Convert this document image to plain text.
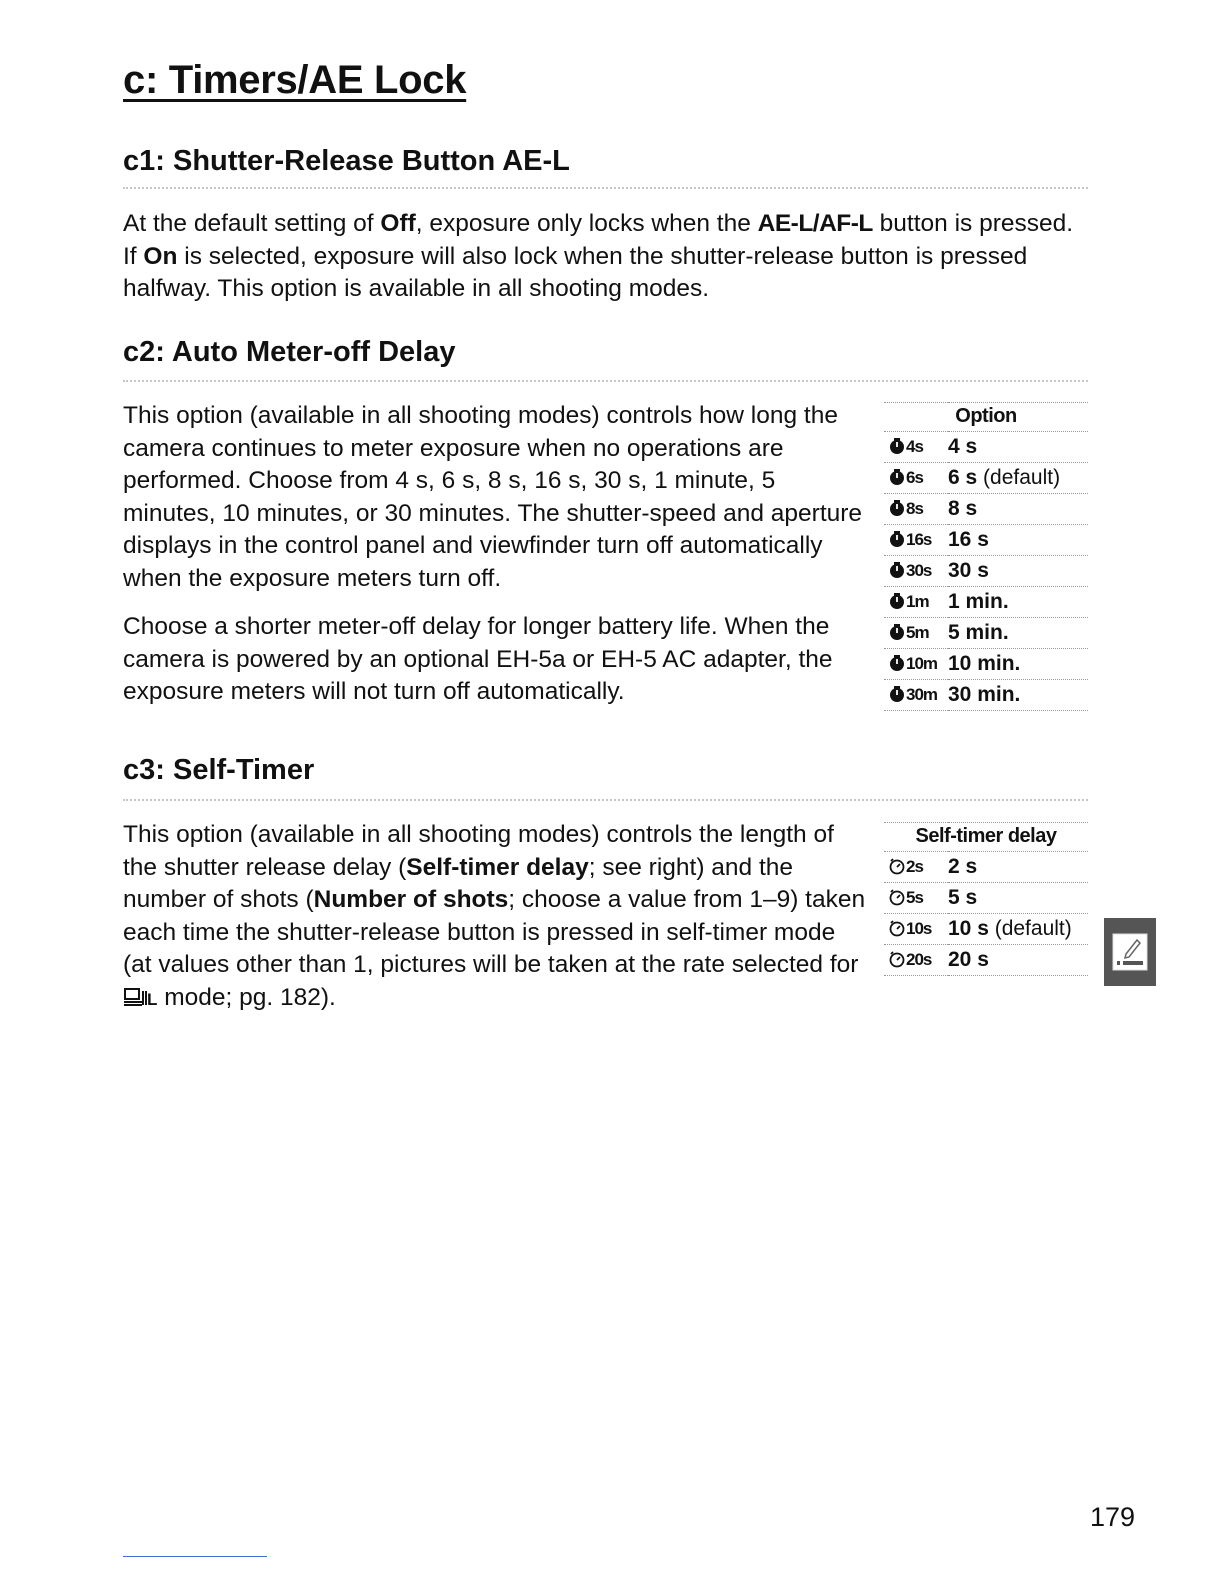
c: Timers/AE Lock
c1: Shutter-Release Button AE-L

At the default setting of Off, exposure only locks when the AE-L/AF-L button is pressed.
If On is selected, exposure will also lock when the shutter-release button is pressed halfway. This option is available in all shooting modes.

c2: Auto Meter-off Delay

This option (available in all shooting modes) controls how long the camera continues to meter exposure when no operations are performed. Choose from 4 s, 6 s, 8 s, 16 s, 30 s, 1 minute, 5 minutes, 10 minutes, or 30 minutes. The shutter-speed and aperture displays in the control panel and viewfinder turn off automatically when the exposure meters turn off.

Choose a shorter meter-off delay for longer battery life. When the camera is powered by an optional EH-5a or EH-5 AC adapter, the exposure meters will not turn off automatically.

Option	
4s	4 s
6s	6 s (default)
8s	8 s
16s	16 s
30s	30 s
1m	1 min.
5m	5 min.
10m	10 min.
30m	30 min.
c3: Self-Timer

This option (available in all shooting modes) controls the length of the shutter release delay (Self-timer delay; see right) and the number of shots (Number of shots; choose a value from 1–9) taken each time the shutter-release button is pressed in self-timer mode (at values other than 1, pictures will be taken at the rate selected for L mode; pg. 182).

Self-timer delay	
2s	2 s
5s	5 s
10s	10 s (default)
20s	20 s
179
